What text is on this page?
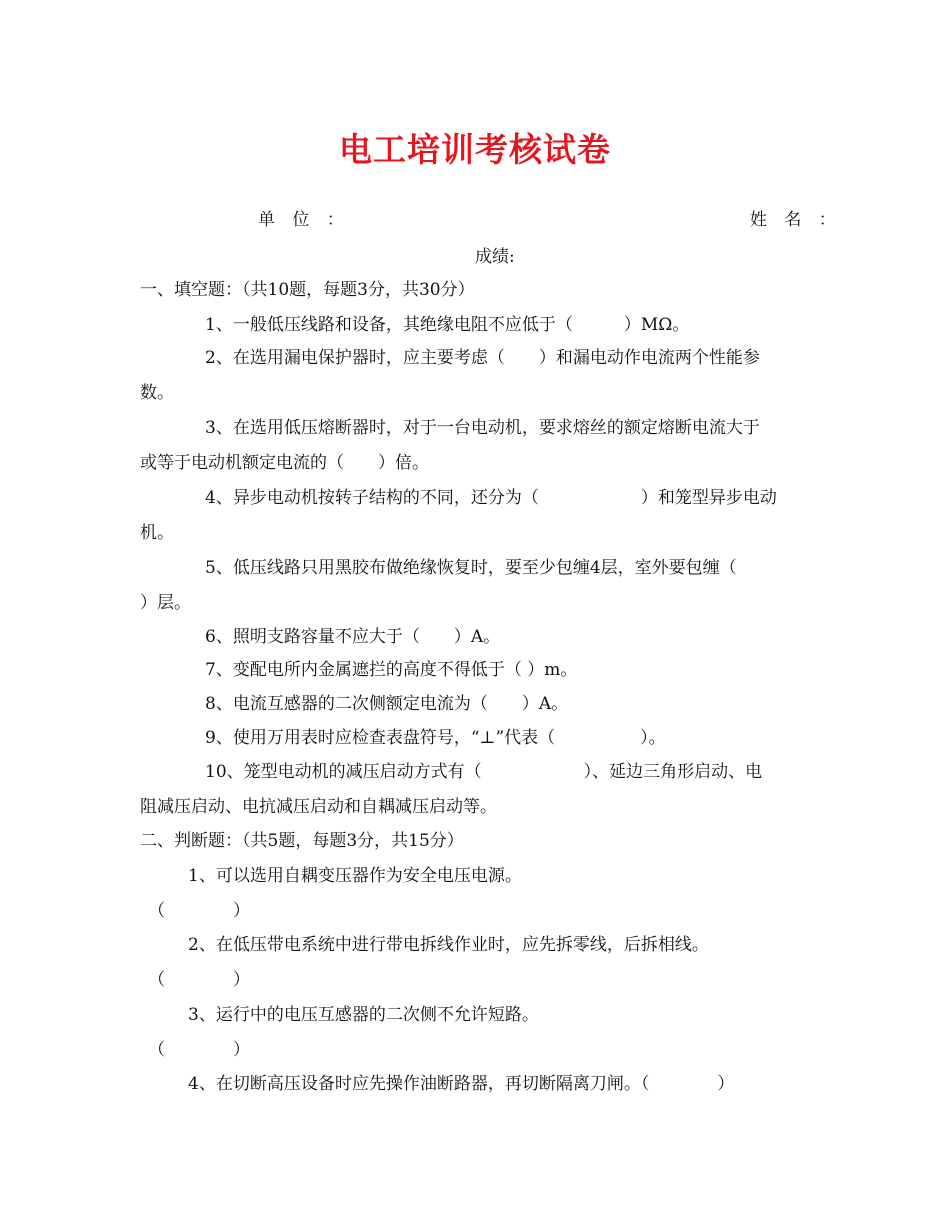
电工培训考核试卷
单 位 ：	姓 名 ：
成绩:
一、填空题：（共10题，每题3分，共30分）
1、一般低压线路和设备，其绝缘电阻不应低于（　　　）MΩ。
2、在选用漏电保护器时，应主要考虑（　　）和漏电动作电流两个性能参
数。
3、在选用低压熔断器时，对于一台电动机，要求熔丝的额定熔断电流大于
或等于电动机额定电流的（　　）倍。
4、异步电动机按转子结构的不同，还分为（　　　　　　）和笼型异步电动
机。
5、低压线路只用黑胶布做绝缘恢复时，要至少包缠4层，室外要包缠（
）层。
6、照明支路容量不应大于（　　）A。
7、变配电所内金属遮拦的高度不得低于（ ）m。
8、电流互感器的二次侧额定电流为（　　）A。
9、使用万用表时应检查表盘符号，“⊥”代表（　　　　　）。
10、笼型电动机的减压启动方式有（　　　　　　）、延边三角形启动、电
阻减压启动、电抗减压启动和自耦减压启动等。
二、判断题：（共5题，每题3分，共15分）
1、可以选用自耦变压器作为安全电压电源。
（　　　　）
2、在低压带电系统中进行带电拆线作业时，应先拆零线，后拆相线。
（　　　　）
3、运行中的电压互感器的二次侧不允许短路。
（　　　　）
4、在切断高压设备时应先操作油断路器，再切断隔离刀闸。（　　　　）
